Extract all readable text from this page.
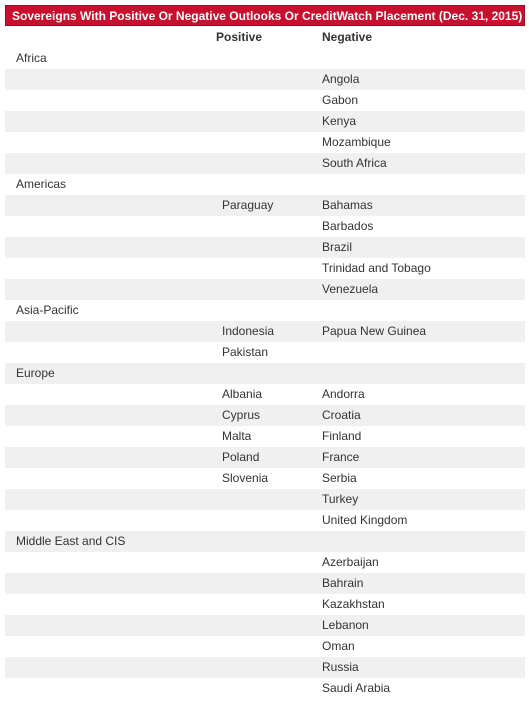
Sovereigns With Positive Or Negative Outlooks Or CreditWatch Placement (Dec. 31, 2015)
	Positive	Negative
Africa		
		Angola
		Gabon
		Kenya
		Mozambique
		South Africa
Americas		
	Paraguay	Bahamas
		Barbados
		Brazil
		Trinidad and Tobago
		Venezuela
Asia-Pacific		
	Indonesia	Papua New Guinea
	Pakistan	
Europe		
	Albania	Andorra
	Cyprus	Croatia
	Malta	Finland
	Poland	France
	Slovenia	Serbia
		Turkey
		United Kingdom
Middle East and CIS		
		Azerbaijan
		Bahrain
		Kazakhstan
		Lebanon
		Oman
		Russia
		Saudi Arabia
